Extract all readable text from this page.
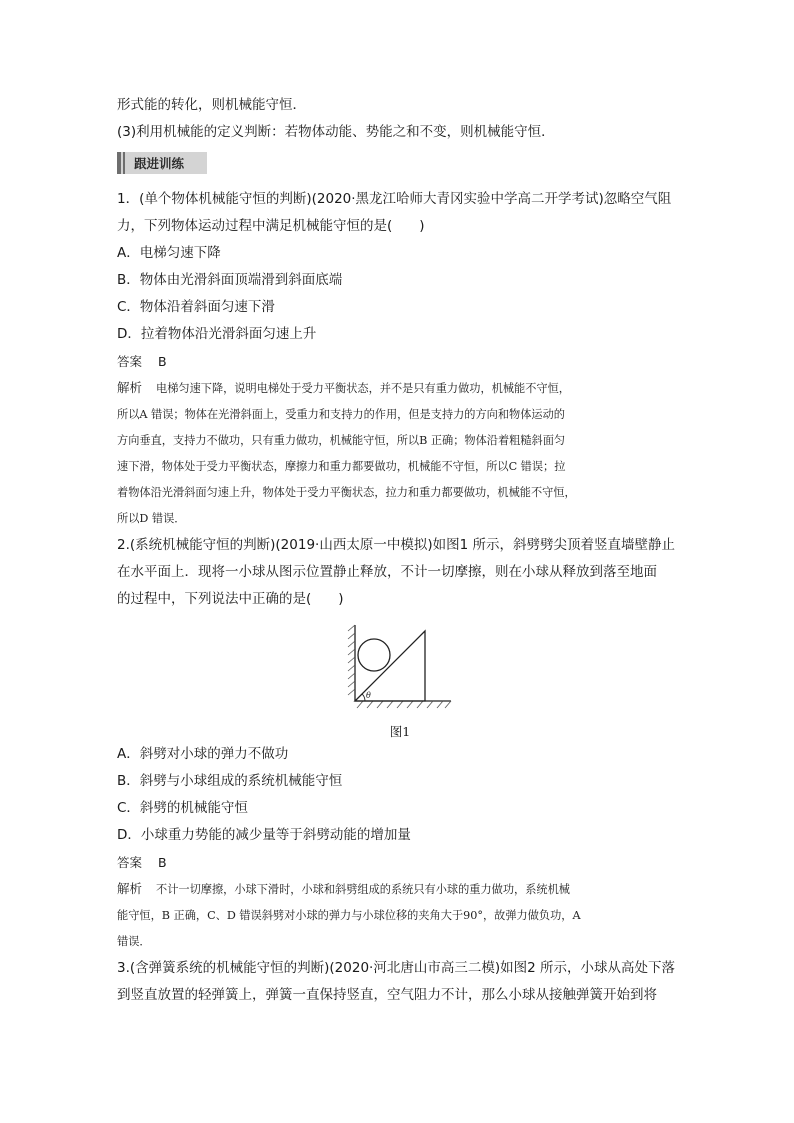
形式能的转化，则机械能守恒．
(3)利用机械能的定义判断：若物体动能、势能之和不变，则机械能守恒．
跟进训练
1．(单个物体机械能守恒的判断)(2020·黑龙江哈师大青冈实验中学高二开学考试)忽略空气阻
力，下列物体运动过程中满足机械能守恒的是(　　)
A．电梯匀速下降
B．物体由光滑斜面顶端滑到斜面底端
C．物体沿着斜面匀速下滑
D．拉着物体沿光滑斜面匀速上升
答案 B
解析 电梯匀速下降，说明电梯处于受力平衡状态，并不是只有重力做功，机械能不守恒，
所以A 错误；物体在光滑斜面上，受重力和支持力的作用，但是支持力的方向和物体运动的
方向垂直，支持力不做功，只有重力做功，机械能守恒，所以B 正确；物体沿着粗糙斜面匀
速下滑，物体处于受力平衡状态，摩擦力和重力都要做功，机械能不守恒，所以C 错误；拉
着物体沿光滑斜面匀速上升，物体处于受力平衡状态，拉力和重力都要做功，机械能不守恒，
所以D 错误．
2.(系统机械能守恒的判断)(2019·山西太原一中模拟)如图1 所示，斜劈劈尖顶着竖直墙壁静止
在水平面上．现将一小球从图示位置静止释放，不计一切摩擦，则在小球从释放到落至地面
的过程中，下列说法中正确的是(　　)
θ
图1
A．斜劈对小球的弹力不做功
B．斜劈与小球组成的系统机械能守恒
C．斜劈的机械能守恒
D．小球重力势能的减少量等于斜劈动能的增加量
答案 B
解析 不计一切摩擦，小球下滑时，小球和斜劈组成的系统只有小球的重力做功，系统机械
能守恒，B 正确，C、D 错误斜劈对小球的弹力与小球位移的夹角大于90°，故弹力做负功，A
错误．
3.(含弹簧系统的机械能守恒的判断)(2020·河北唐山市高三二模)如图2 所示，小球从高处下落
到竖直放置的轻弹簧上，弹簧一直保持竖直，空气阻力不计，那么小球从接触弹簧开始到将
